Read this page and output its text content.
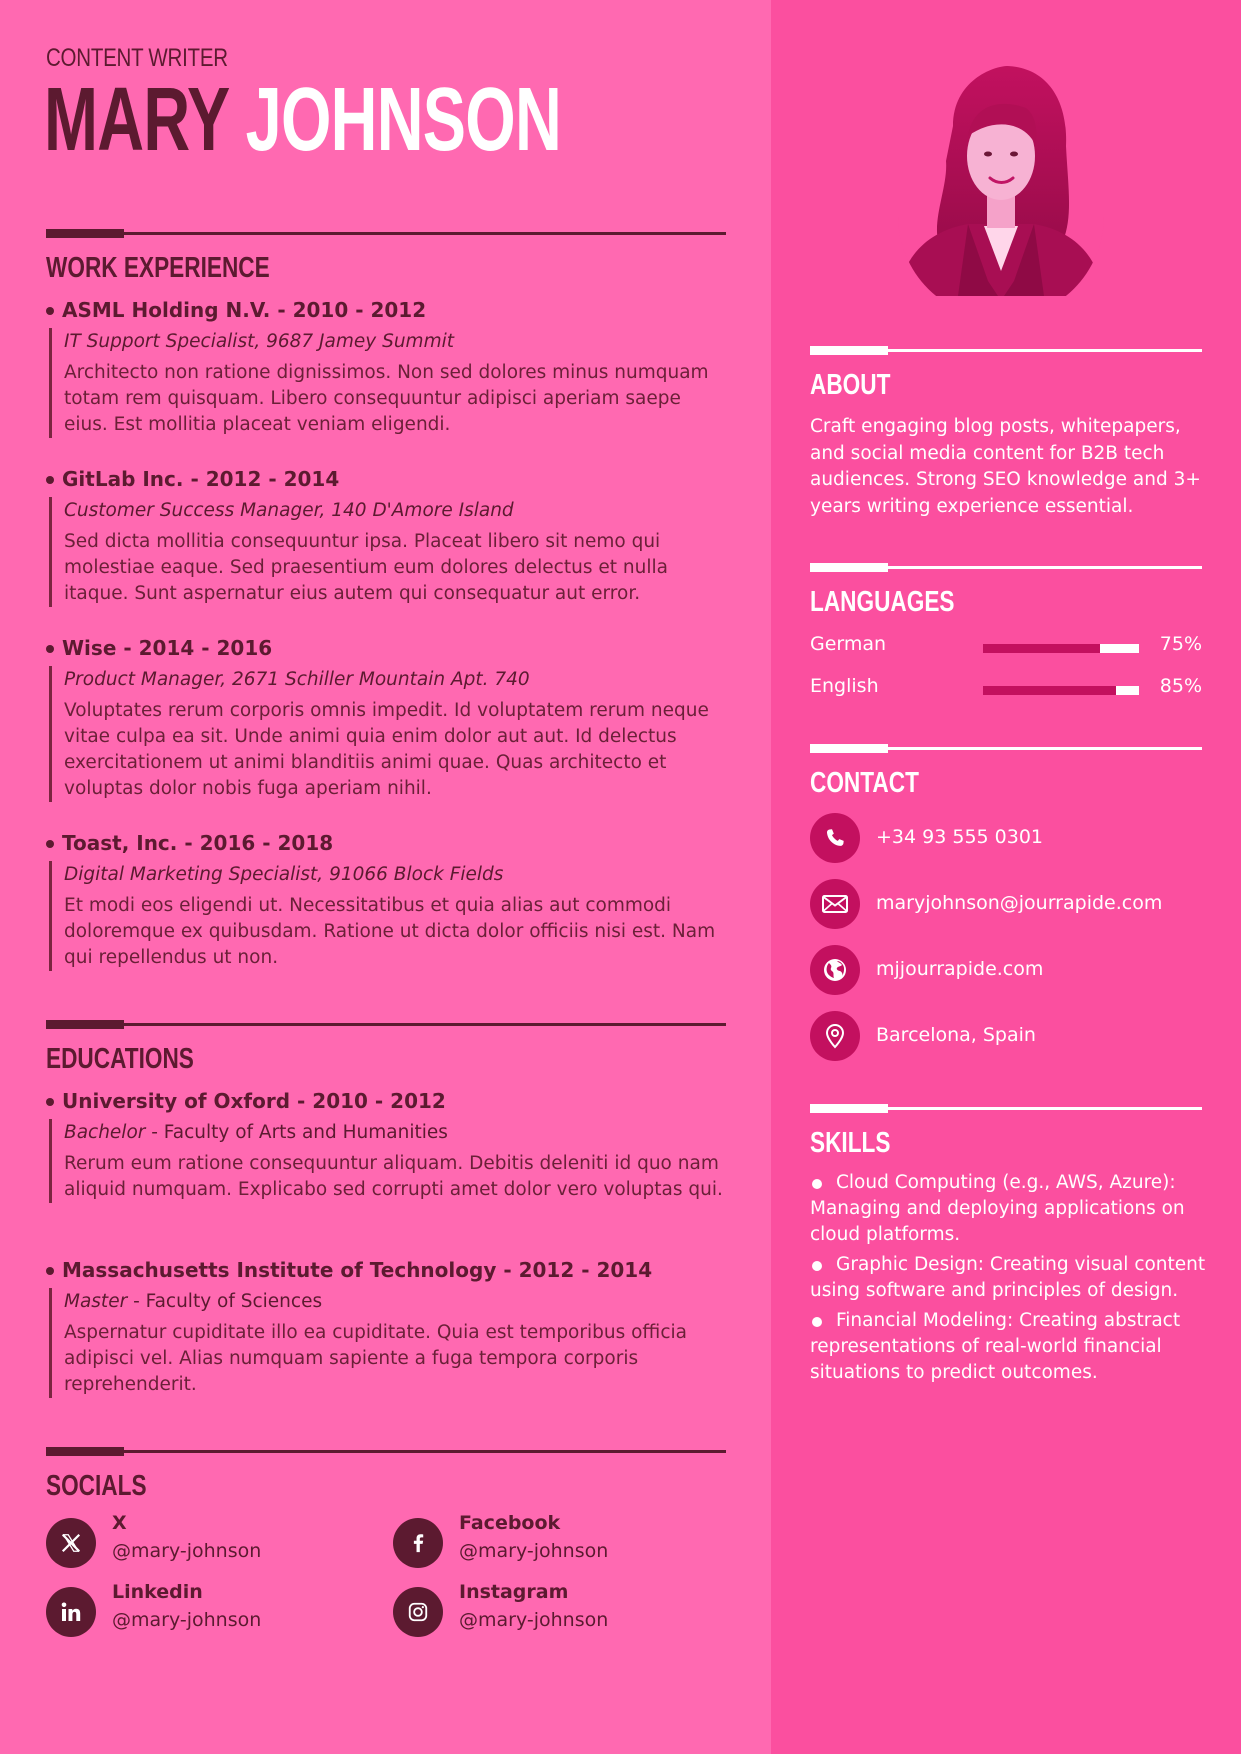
CONTENT WRITER
MARY JOHNSON
WORK EXPERIENCE
ASML Holding N.V. - 2010 - 2012
IT Support Specialist, 9687 Jamey Summit
Architecto non ratione dignissimos. Non sed dolores minus numquam totam rem quisquam. Libero consequuntur adipisci aperiam saepe eius. Est mollitia placeat veniam eligendi.
GitLab Inc. - 2012 - 2014
Customer Success Manager, 140 D'Amore Island
Sed dicta mollitia consequuntur ipsa. Placeat libero sit nemo qui molestiae eaque. Sed praesentium eum dolores delectus et nulla itaque. Sunt aspernatur eius autem qui consequatur aut error.
Wise - 2014 - 2016
Product Manager, 2671 Schiller Mountain Apt. 740
Voluptates rerum corporis omnis impedit. Id voluptatem rerum neque vitae culpa ea sit. Unde animi quia enim dolor aut aut. Id delectus exercitationem ut animi blanditiis animi quae. Quas architecto et voluptas dolor nobis fuga aperiam nihil.
Toast, Inc. - 2016 - 2018
Digital Marketing Specialist, 91066 Block Fields
Et modi eos eligendi ut. Necessitatibus et quia alias aut commodi doloremque ex quibusdam. Ratione ut dicta dolor officiis nisi est. Nam qui repellendus ut non.
EDUCATIONS
University of Oxford - 2010 - 2012
Bachelor - Faculty of Arts and Humanities
Rerum eum ratione consequuntur aliquam. Debitis deleniti id quo nam aliquid numquam. Explicabo sed corrupti amet dolor vero voluptas qui.
Massachusetts Institute of Technology - 2012 - 2014
Master - Faculty of Sciences
Aspernatur cupiditate illo ea cupiditate. Quia est temporibus officia adipisci vel. Alias numquam sapiente a fuga tempora corporis reprehenderit.
SOCIALS
X
@mary-johnson
Facebook
@mary-johnson
Linkedin
@mary-johnson
Instagram
@mary-johnson
ABOUT
Craft engaging blog posts, whitepapers, and social media content for B2B tech audiences. Strong SEO knowledge and 3+ years writing experience essential.
LANGUAGES
German	75%
English	85%
CONTACT
+34 93 555 0301
maryjohnson@jourrapide.com
mjjourrapide.com
Barcelona, Spain
SKILLS
Cloud Computing (e.g., AWS, Azure): Managing and deploying applications on cloud platforms.
Graphic Design: Creating visual content using software and principles of design.
Financial Modeling: Creating abstract representations of real-world financial situations to predict outcomes.
